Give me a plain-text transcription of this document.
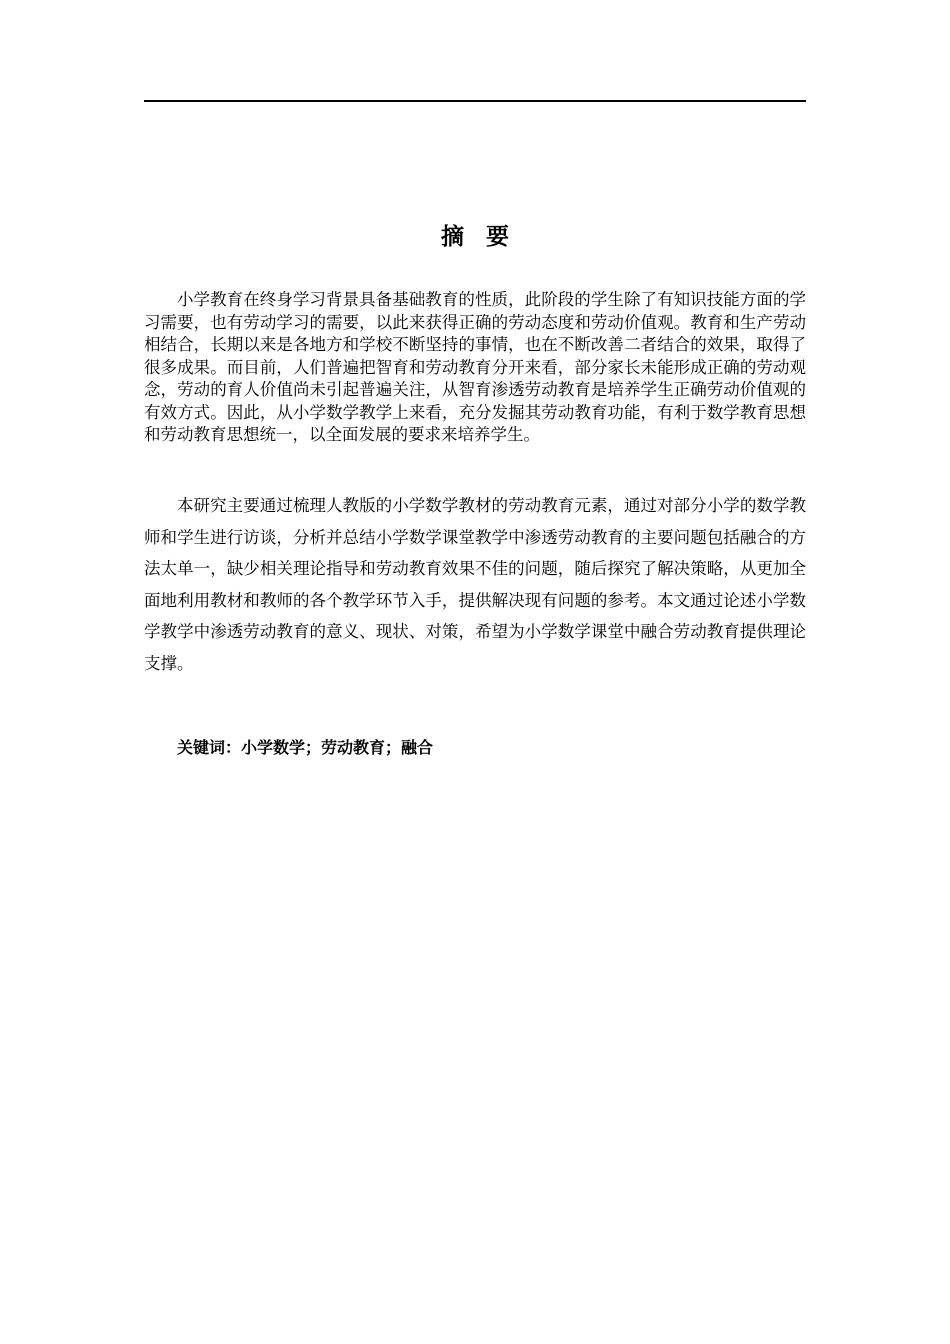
摘要

小学教育在终身学习背景具备基础教育的性质，此阶段的学生除了有知识技能方面的学习需要，也有劳动学习的需要，以此来获得正确的劳动态度和劳动价值观。教育和生产劳动相结合，长期以来是各地方和学校不断坚持的事情，也在不断改善二者结合的效果，取得了很多成果。而目前，人们普遍把智育和劳动教育分开来看，部分家长未能形成正确的劳动观念，劳动的育人价值尚未引起普遍关注，从智育渗透劳动教育是培养学生正确劳动价值观的有效方式。因此，从小学数学教学上来看，充分发掘其劳动教育功能，有利于数学教育思想和劳动教育思想统一，以全面发展的要求来培养学生。

本研究主要通过梳理人教版的小学数学教材的劳动教育元素，通过对部分小学的数学教师和学生进行访谈，分析并总结小学数学课堂教学中渗透劳动教育的主要问题包括融合的方法太单一，缺少相关理论指导和劳动教育效果不佳的问题，随后探究了解决策略，从更加全面地利用教材和教师的各个教学环节入手，提供解决现有问题的参考。本文通过论述小学数学教学中渗透劳动教育的意义、现状、对策，希望为小学数学课堂中融合劳动教育提供理论支撑。

关键词：小学数学；劳动教育；融合
